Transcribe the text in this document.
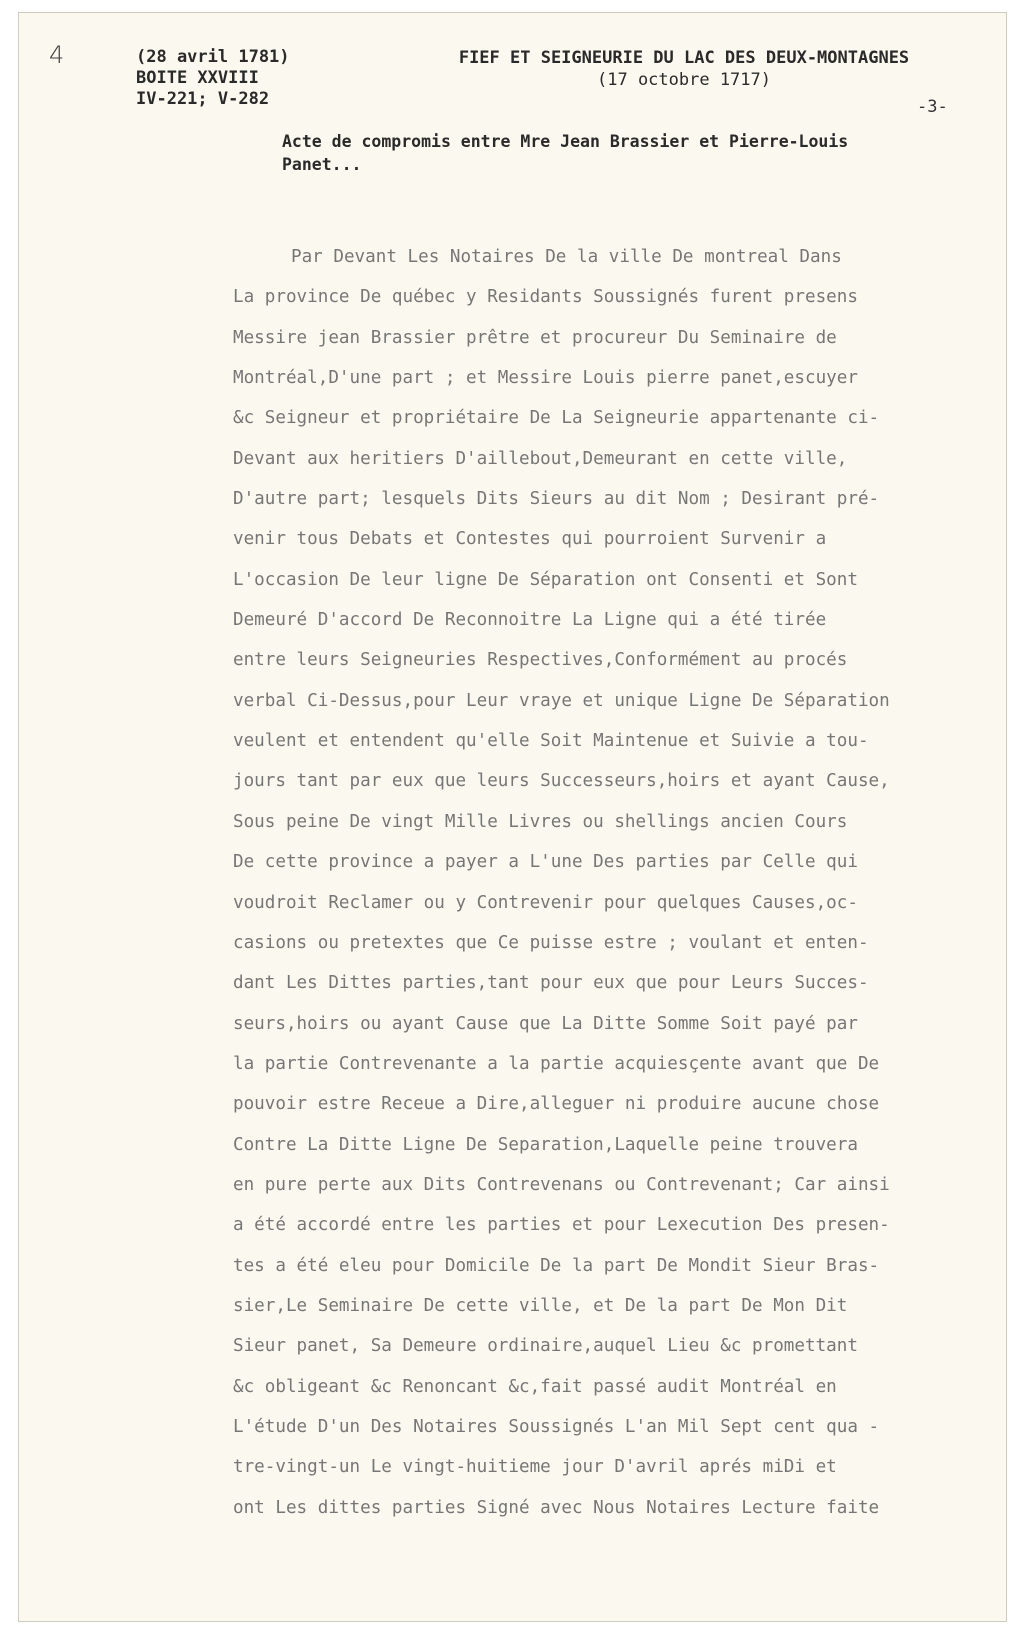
4	(28 avril 1781)
BOITE XXVIII
IV-221; V-282
FIEF ET SEIGNEURIE DU LAC DES DEUX-MONTAGNES
(17 octobre 1717)
-3-
Acte de compromis entre Mre Jean Brassier et Pierre-Louis
Panet...
Par Devant Les Notaires De la ville De montreal Dans
La province De québec y Residants Soussignés furent presens
Messire jean Brassier prêtre et procureur Du Seminaire de
Montréal,D'une part ; et Messire Louis pierre panet,escuyer
&c Seigneur et propriétaire De La Seigneurie appartenante ci-
Devant aux heritiers D'aillebout,Demeurant en cette ville,
D'autre part; lesquels Dits Sieurs au dit Nom ; Desirant pré-
venir tous Debats et Contestes qui pourroient Survenir a
L'occasion De leur ligne De Séparation ont Consenti et Sont
Demeuré D'accord De Reconnoitre La Ligne qui a été tirée
entre leurs Seigneuries Respectives,Conformément au procés
verbal Ci-Dessus,pour Leur vraye et unique Ligne De Séparation
veulent et entendent qu'elle Soit Maintenue et Suivie a tou-
jours tant par eux que leurs Successeurs,hoirs et ayant Cause,
Sous peine De vingt Mille Livres ou shellings ancien Cours
De cette province a payer a L'une Des parties par Celle qui
voudroit Reclamer ou y Contrevenir pour quelques Causes,oc-
casions ou pretextes que Ce puisse estre ; voulant et enten-
dant Les Dittes parties,tant pour eux que pour Leurs Succes-
seurs,hoirs ou ayant Cause que La Ditte Somme Soit payé par
la partie Contrevenante a la partie acquiesçente avant que De
pouvoir estre Receue a Dire,alleguer ni produire aucune chose
Contre La Ditte Ligne De Separation,Laquelle peine trouvera
en pure perte aux Dits Contrevenans ou Contrevenant; Car ainsi
a été accordé entre les parties et pour Lexecution Des presen-
tes a été eleu pour Domicile De la part De Mondit Sieur Bras-
sier,Le Seminaire De cette ville, et De la part De Mon Dit
Sieur panet, Sa Demeure ordinaire,auquel Lieu &c promettant
&c obligeant &c Renoncant &c,fait passé audit Montréal en
L'étude D'un Des Notaires Soussignés L'an Mil Sept cent qua -
tre-vingt-un Le vingt-huitieme jour D'avril aprés miDi et
ont Les dittes parties Signé avec Nous Notaires Lecture faite
